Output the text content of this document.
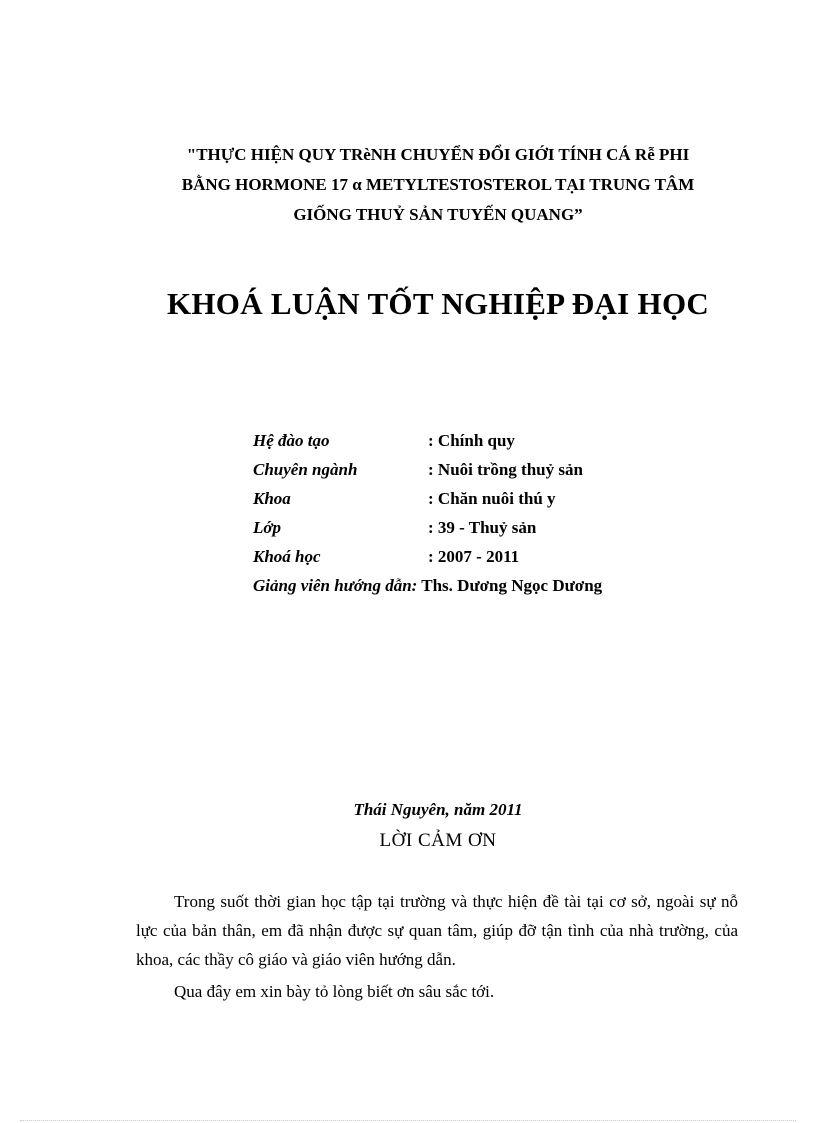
"THỰC HIỆN QUY TRèNH CHUYỂN ĐỔI GIỚI TÍNH CÁ Rễ PHI
BẰNG HORMONE 17 α METYLTESTOSTEROL TẠI TRUNG TÂM
GIỐNG THUỶ SẢN TUYẾN QUANG”
KHOÁ LUẬN TỐT NGHIỆP ĐẠI HỌC
Hệ đào tạo	: Chính quy
Chuyên ngành	: Nuôi trồng thuỷ sản
Khoa	: Chăn nuôi thú y
Lớp	: 39 - Thuỷ sản
Khoá học	: 2007 - 2011
Giảng viên hướng dẫn: Ths. Dương Ngọc Dương
Thái Nguyên, năm 2011
LỜI CẢM ƠN
Trong suốt thời gian học tập tại trường và thực hiện đề tài tại cơ sở, ngoài sự nỗ lực của bản thân, em đã nhận được sự quan tâm, giúp đỡ tận tình của nhà trường, của khoa, các thầy cô giáo và giáo viên hướng dẫn.
Qua đây em xin bày tỏ lòng biết ơn sâu sắc tới.
